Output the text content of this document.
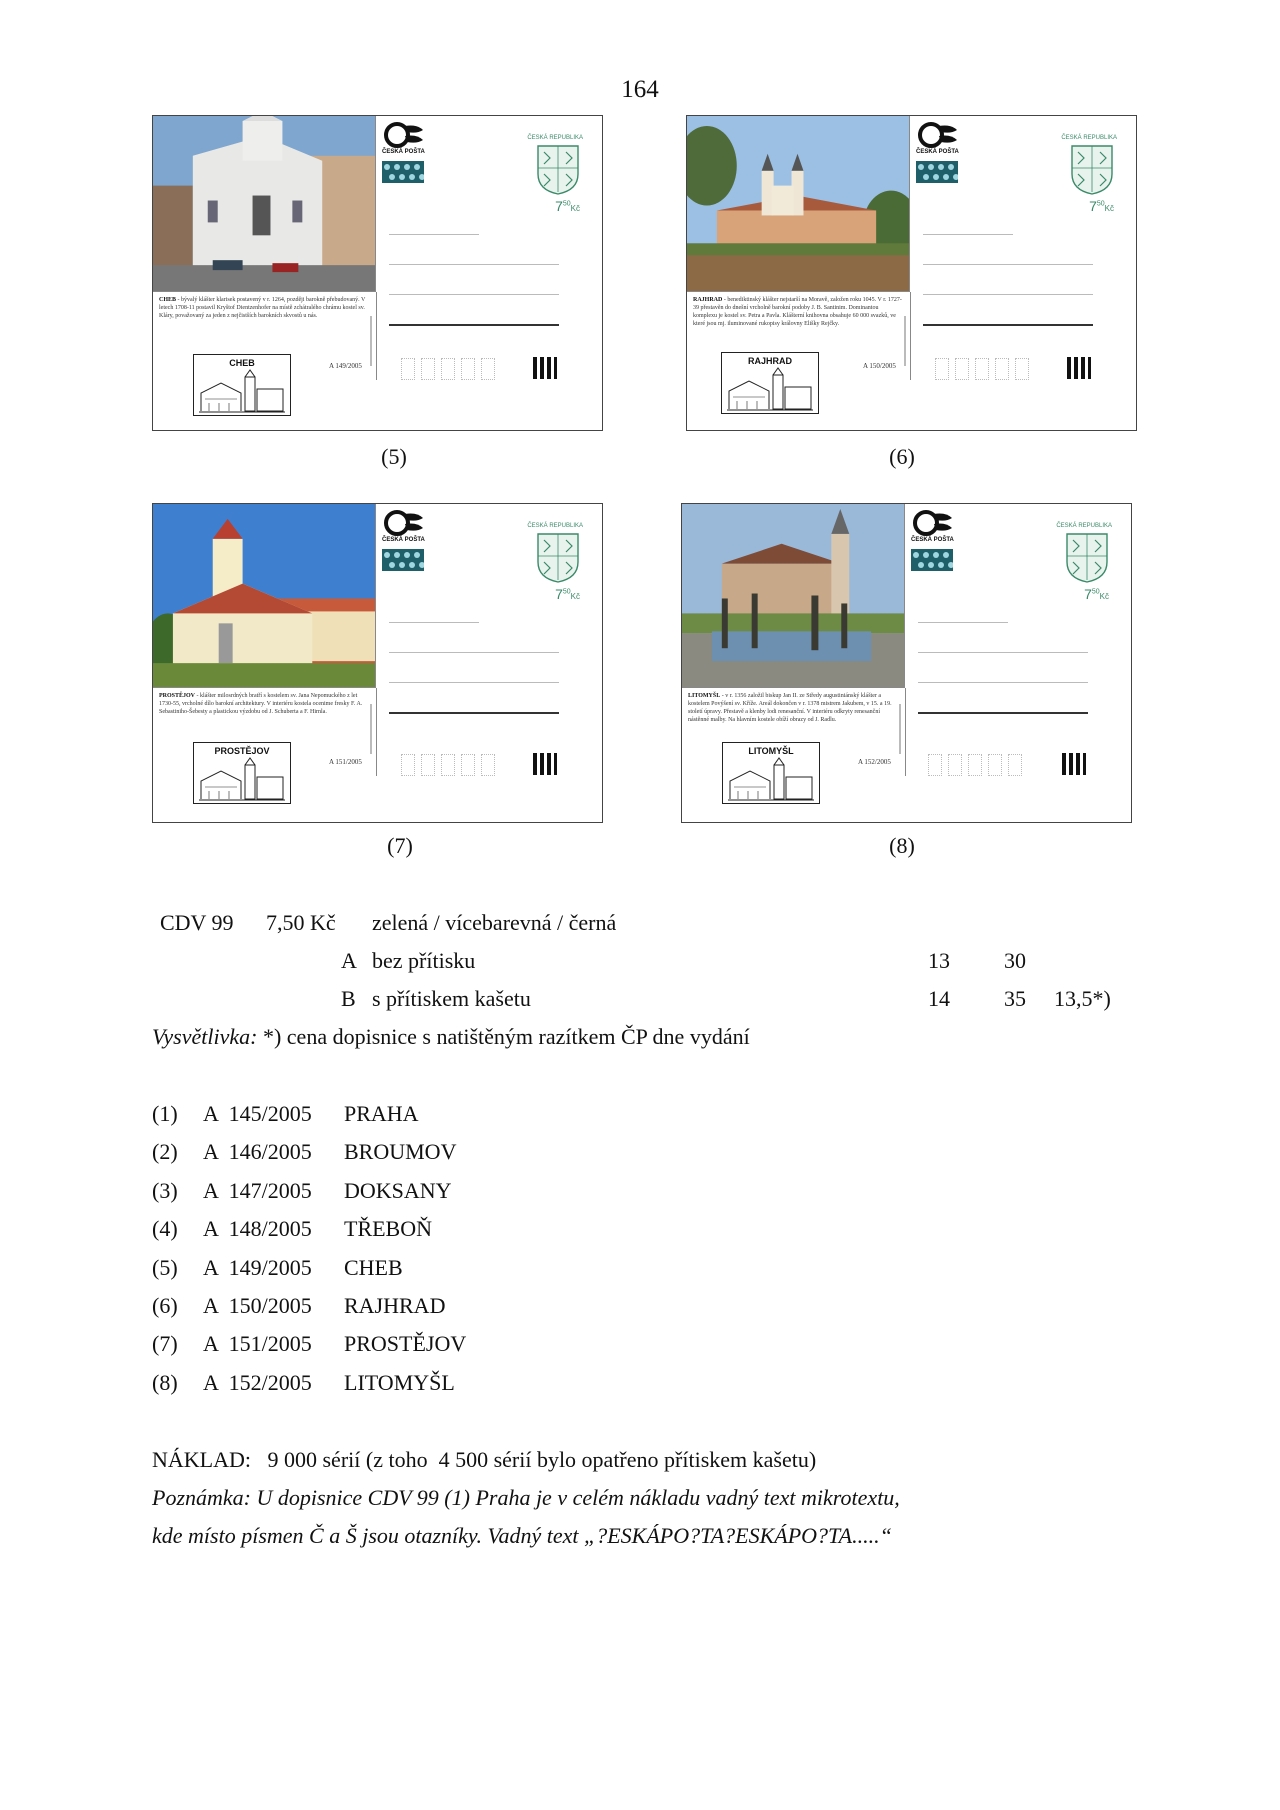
164
CHEB - bývalý klášter klarisek postavený v r. 1264, později barokně přebudovaný. V letech 1708-11 postavil Kryštof Dientzenhofer na místě zchátralého chrámu kostel sv. Kláry, považovaný za jeden z nejčistších barokních skvostů u nás.
CHEB	A 149/2005
ČESKÁ POŠTA
ČESKÁ REPUBLIKA
$7^{50}Kč$
RAJHRAD - benediktinský klášter nejstarší na Moravě, založen roku 1045. V r. 1727-39 přestavěn do dnešní vrcholně barokní podoby J. B. Santinim. Dominantou komplexu je kostel sv. Petra a Pavla. Klášterní knihovna obsahuje 60 000 svazků, ve které jsou mj. iluminované rukopisy královny Elišky Rejčky.
RAJHRAD	A 150/2005
ČESKÁ POŠTA
ČESKÁ REPUBLIKA
$7^{50}Kč$
PROSTĚJOV - klášter milosrdných bratří s kostelem sv. Jana Nepomuckého z let 1730-55, vrcholné dílo barokní architektury. V interiéru kostela ocenime fresky F. A. Sebastiniho-Šebesty a plastickou výzdobu od J. Schuberta a F. Hirnla.
PROSTĚJOV
A 151/2005
ČESKÁ POŠTA
ČESKÁ REPUBLIKA
$7^{50}Kč$
LITOMYŠL - v r. 1356 založil biskup Jan II. ze Středy augustiniánský klášter a kostelem Povýšení sv. Kříže. Areál dokončen v r. 1378 mistrem Jakubem, v 15. a 19. století úpravy. Přestavě a klenby lodi renesanční. V interiéru odkryty renesanční nástěnné malby. Na hlavním kostele obíží obrazy od J. Radlu.
LITOMYŠL
A 152/2005
ČESKÁ POŠTA
ČESKÁ REPUBLIKA
$7^{50}Kč$
(5)	(6)
(7)	(8)
CDV 99 7,50 Kč zelená / vícebarevná / černá
A bez přítisku	13 30
B s přítiskem kašetu	14 35 13,5*)
Vysvětlivka: *) cena dopisnice s natištěným razítkem ČP dne vydání
(1) A  145/2005 PRAHA
(2) A  146/2005 BROUMOV
(3) A  147/2005 DOKSANY
(4) A  148/2005 TŘEBOŇ
(5) A  149/2005 CHEB
(6) A  150/2005 RAJHRAD
(7) A  151/2005 PROSTĚJOV
(8) A  152/2005 LITOMYŠL
NÁKLAD:   9 000 sérií (z toho  4 500 sérií bylo opatřeno přítiskem kašetu)
Poznámka: U dopisnice CDV 99 (1) Praha je v celém nákladu vadný text mikrotextu,
kde místo písmen Č a Š jsou otazníky. Vadný text „?ESKÁPO?TA?ESKÁPO?TA.....“
